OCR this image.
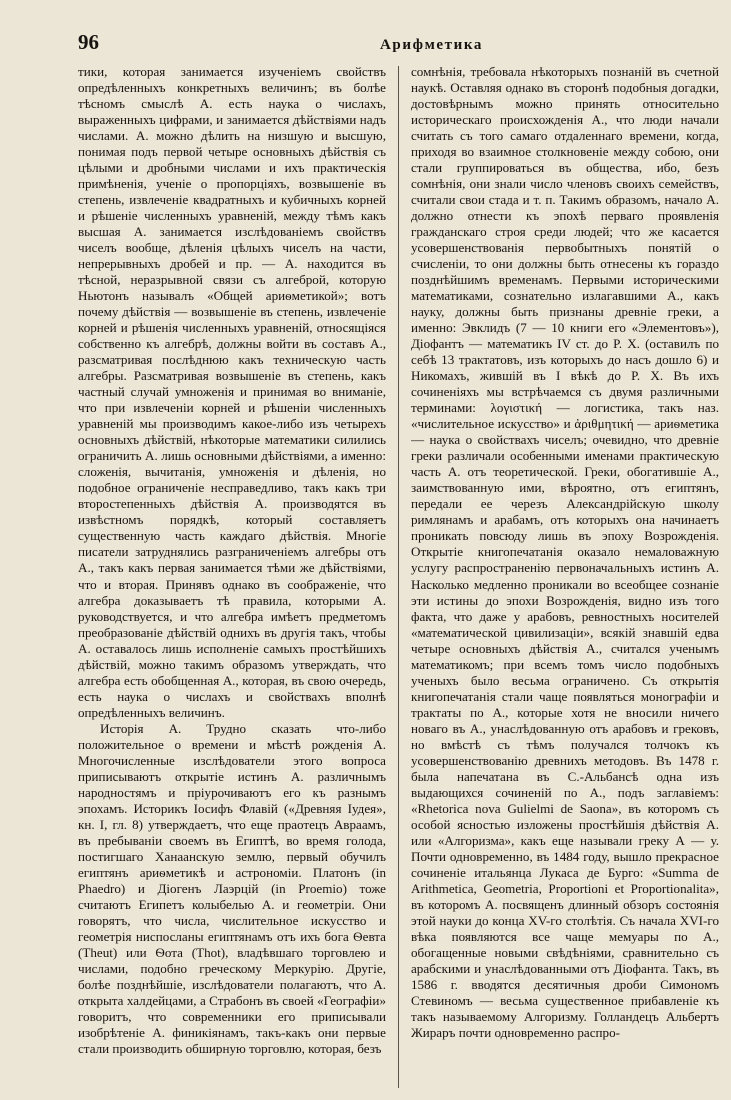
96	Арифметика
тики, которая занимается изученіемъ свойствъ опредѣленныхъ конкретныхъ величинъ; въ болѣе тѣсномъ смыслѣ А. есть наука о числахъ, выраженныхъ цифрами, и занимается дѣйствіями надъ числами. А. можно дѣлить на низшую и высшую, понимая подъ первой четыре основныхъ дѣйствія съ цѣлыми и дробными числами и ихъ практическія примѣненія, ученіе о пропорціяхъ, возвышеніе въ степень, извлеченіе квадратныхъ и кубичныхъ корней и рѣшеніе численныхъ уравненій, между тѣмъ какъ высшая А. занимается изслѣдованіемъ свойствъ чиселъ вообще, дѣленія цѣлыхъ чиселъ на части, непрерывныхъ дробей и пр. — А. находится въ тѣсной, неразрывной связи съ алгеброй, которую Ньютонъ называлъ «Общей ариѳметикой»; вотъ почему дѣйствія — возвышеніе въ степень, извлеченіе корней и рѣшенія численныхъ уравненій, относящіяся собственно къ алгебрѣ, должны войти въ составъ А., разсматривая послѣднюю какъ техническую часть алгебры. Разсматривая возвышеніе въ степень, какъ частный случай умноженія и принимая во вниманіе, что при извлеченіи корней и рѣшеніи численныхъ уравненій мы производимъ какое-либо изъ четырехъ основныхъ дѣйствій, нѣкоторые математики силились ограничить А. лишь основными дѣйствіями, а именно: сложенія, вычитанія, умноженія и дѣленія, но подобное ограниченіе несправедливо, такъ какъ три второстепенныхъ дѣйствія А. производятся въ извѣстномъ порядкѣ, который составляетъ существенную часть каждаго дѣйствія. Многіе писатели затруднялись разграниченіемъ алгебры отъ А., такъ какъ первая занимается тѣми же дѣйствіями, что и вторая. Принявъ однако въ соображеніе, что алгебра доказываетъ тѣ правила, которыми А. руководствуется, и что алгебра имѣетъ предметомъ преобразованіе дѣйствій однихъ въ другія такъ, чтобы А. оставалось лишь исполненіе самыхъ простѣйшихъ дѣйствій, можно такимъ образомъ утверждать, что алгебра есть обобщенная А., которая, въ свою очередь, есть наука о числахъ и свойствахъ вполнѣ опредѣленныхъ величинъ.
Исторія А. Трудно сказать что-либо положительное о времени и мѣстѣ рожденія А. Многочисленные изслѣдователи этого вопроса приписываютъ открытіе истинъ А. различнымъ народностямъ и пріурочиваютъ его къ разнымъ эпохамъ. Историкъ Іосифъ Флавій («Древняя Іудея», кн. I, гл. 8) утверждаетъ, что еще праотецъ Авраамъ, въ пребываніи своемъ въ Египтѣ, во время голода, постигшаго Ханаанскую землю, первый обучилъ египтянъ ариѳметикѣ и астрономіи. Платонъ (in Phaedro) и Діогенъ Лаэрцій (in Proemio) тоже считаютъ Египетъ колыбелью А. и геометріи. Они говорятъ, что числа, числительное искусство и геометрія ниспосланы египтянамъ отъ ихъ бога Ѳевта (Theut) или Ѳота (Thot), владѣвшаго торговлею и числами, подобно греческому Меркурію. Другіе, болѣе позднѣйшіе, изслѣдователи полагаютъ, что А. открыта халдейцами, а Страбонъ въ своей «Географіи» говоритъ, что современники его приписывали изобрѣтеніе А. финикіянамъ, такъ-какъ они первые стали производить обширную торговлю, которая, безъ
сомнѣнія, требовала нѣкоторыхъ познаній въ счетной наукѣ. Оставляя однако въ сторонѣ подобныя догадки, достовѣрнымъ можно принять относительно историческаго происхожденія А., что люди начали считать съ того самаго отдаленнаго времени, когда, приходя во взаимное столкновеніе между собою, они стали группироваться въ общества, ибо, безъ сомнѣнія, они знали число членовъ своихъ семействъ, считали свои стада и т. п. Такимъ образомъ, начало А. должно отнести къ эпохѣ перваго проявленія гражданскаго строя среди людей; что же касается усовершенствованія первобытныхъ понятій о счисленіи, то они должны быть отнесены къ гораздо позднѣйшимъ временамъ. Первыми историческими математиками, сознательно излагавшими А., какъ науку, должны быть признаны древніе греки, а именно: Эвклидъ (7 — 10 книги его «Элементовъ»), Діофантъ — математикъ IV ст. до Р. Х. (оставилъ по себѣ 13 трактатовъ, изъ которыхъ до насъ дошло 6) и Никомахъ, жившій въ I вѣкѣ до Р. Х. Въ ихъ сочиненіяхъ мы встрѣчаемся съ двумя различными терминами: λογιστική — логистика, такъ наз. «числительное искусство» и ἀριθμητική — ариѳметика — наука о свойствахъ чиселъ; очевидно, что древніе греки различали особенными именами практическую часть А. отъ теоретической. Греки, обогатившіе А., заимствованную ими, вѣроятно, отъ египтянъ, передали ее черезъ Александрійскую школу римлянамъ и арабамъ, отъ которыхъ она начинаетъ проникать повсюду лишь въ эпоху Возрожденія. Открытіе книгопечатанія оказало немаловажную услугу распространенію первоначальныхъ истинъ А. Насколько медленно проникали во всеобщее сознаніе эти истины до эпохи Возрожденія, видно изъ того факта, что даже у арабовъ, ревностныхъ носителей «математической цивилизаціи», всякій знавшій едва четыре основныхъ дѣйствія А., считался ученымъ математикомъ; при всемъ томъ число подобныхъ ученыхъ было весьма ограничено. Съ открытія книгопечатанія стали чаще появляться монографіи и трактаты по А., которые хотя не вносили ничего новаго въ А., унаслѣдованную отъ арабовъ и грековъ, но вмѣстѣ съ тѣмъ получался толчокъ къ усовершенствованію древнихъ методовъ. Въ 1478 г. была напечатана въ С.-Альбансѣ одна изъ выдающихся сочиненій по А., подъ заглавіемъ: «Rhetorica nova Gulielmi de Saona», въ которомъ съ особой ясностью изложены простѣйшія дѣйствія А. или «Алгоризма», какъ еще называли греку А — у. Почти одновременно, въ 1484 году, вышло прекрасное сочиненіе итальянца Лукаса де Бурго: «Summa de Arithmetica, Geometria, Proportioni et Proportionalita», въ которомъ А. посвященъ длинный обзоръ состоянія этой науки до конца XV-го столѣтія. Съ начала XVI-го вѣка появляются все чаще мемуары по А., обогащенные новыми свѣдѣніями, сравнительно съ арабскими и унаслѣдованными отъ Діофанта. Такъ, въ 1586 г. вводятся десятичныя дроби Симономъ Стевиномъ — весьма существенное прибавленіе къ такъ называемому Алгоризму. Голландецъ Альбертъ Жираръ почти одновременно распро-
